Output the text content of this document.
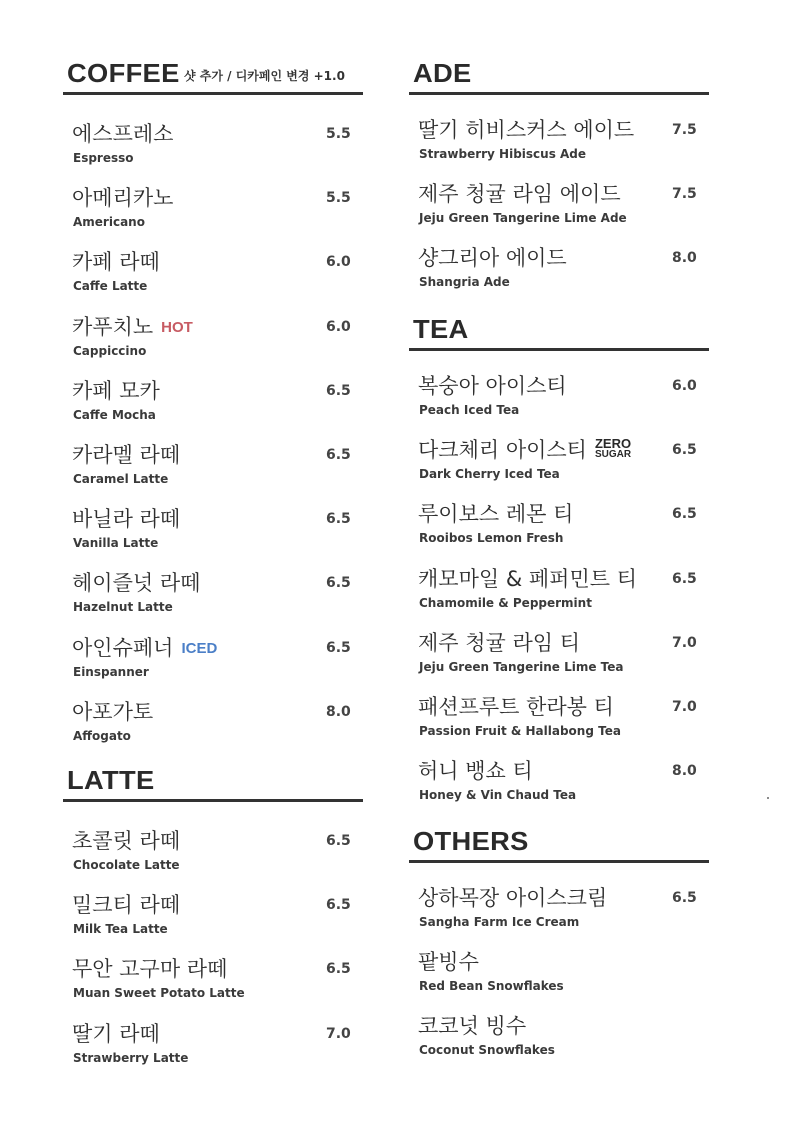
COFFEE 샷 추가 / 디카페인 변경 +1.0
에스프레소
Espresso
5.5
아메리카노
Americano
5.5
카페 라떼
Caffe Latte
6.0
카푸치노 HOT
Cappiccino
6.0
카페 모카
Caffe Mocha
6.5
카라멜 라떼
Caramel Latte
6.5
바닐라 라떼
Vanilla Latte
6.5
헤이즐넛 라떼
Hazelnut Latte
6.5
아인슈페너 ICED
Einspanner
6.5
아포가토
Affogato
8.0
LATTE
초콜릿 라떼
Chocolate Latte
6.5
밀크티 라떼
Milk Tea Latte
6.5
무안 고구마 라떼
Muan Sweet Potato Latte
6.5
딸기 라떼
Strawberry Latte
7.0
ADE
딸기 히비스커스 에이드
Strawberry Hibiscus Ade
7.5
제주 청귤 라임 에이드
Jeju Green Tangerine Lime Ade
7.5
샹그리아 에이드
Shangria Ade
8.0
TEA
복숭아 아이스티
Peach Iced Tea
6.0
다크체리 아이스티 ZERO
SUGAR
Dark Cherry Iced Tea
6.5
루이보스 레몬 티
Rooibos Lemon Fresh
6.5
캐모마일 & 페퍼민트 티
Chamomile & Peppermint
6.5
제주 청귤 라임 티
Jeju Green Tangerine Lime Tea
7.0
패션프루트 한라봉 티
Passion Fruit & Hallabong Tea
7.0
허니 뱅쇼 티
Honey & Vin Chaud Tea
8.0
OTHERS
상하목장 아이스크림
Sangha Farm Ice Cream
6.5
팥빙수
Red Bean Snowflakes
코코넛 빙수
Coconut Snowflakes
